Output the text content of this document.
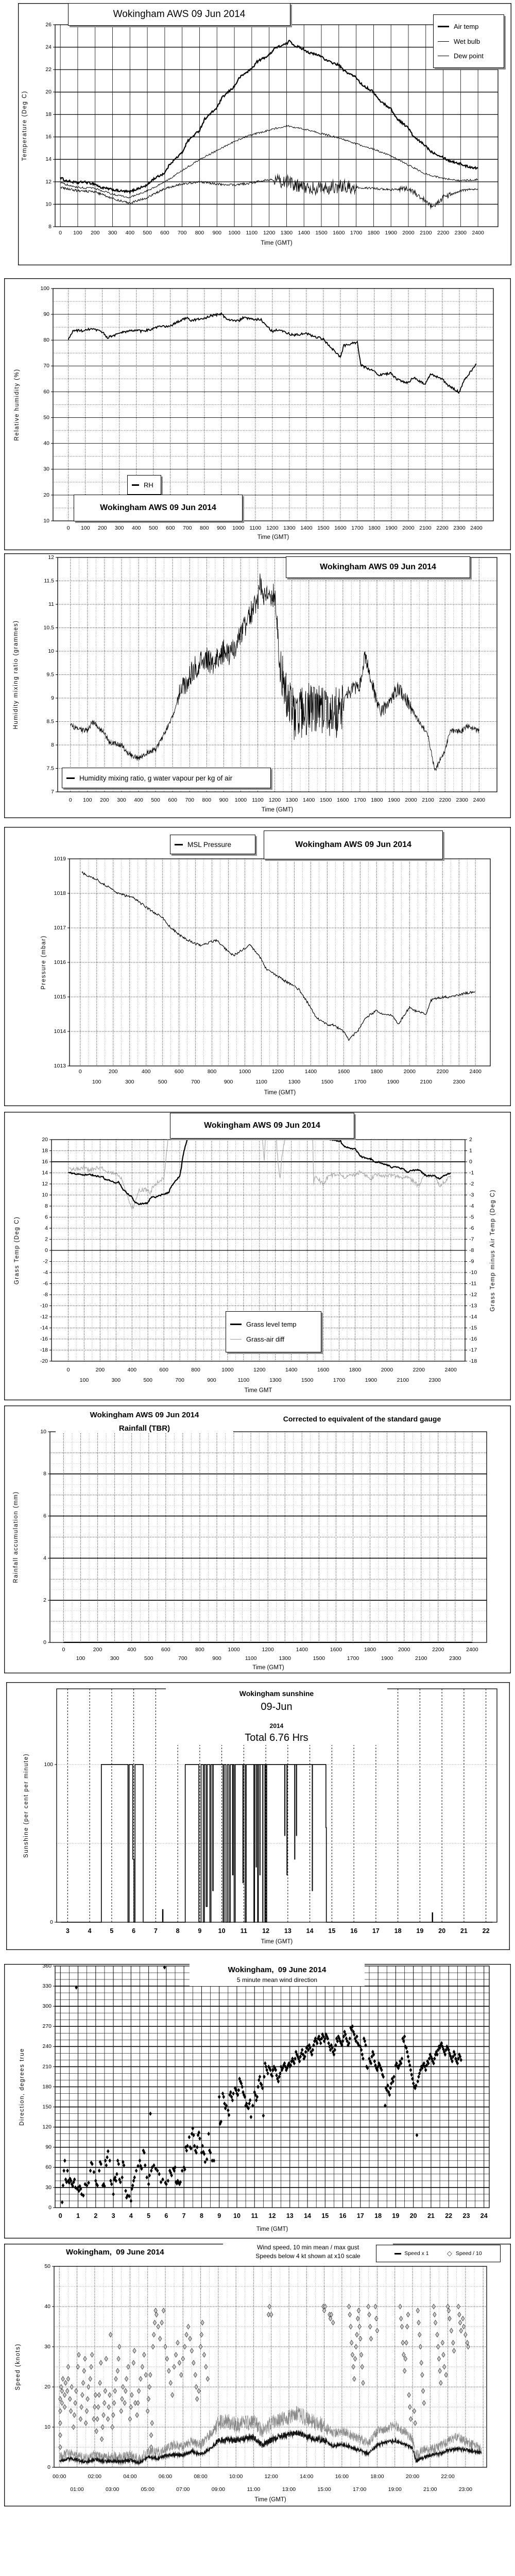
Wokingham AWS 09 Jun 2014
Air temp
Wet bulb
Dew point
RH
Wokingham AWS 09 Jun 2014
Wokingham AWS 09 Jun 2014
Humidity mixing ratio, g water vapour per kg of air
MSL Pressure	Wokingham AWS 09 Jun 2014
Wokingham AWS 09 Jun 2014
Grass level temp
Grass-air diff
Wokingham AWS 09 Jun 2014
Rainfall (TBR)
Corrected to equivalent of the standard gauge
Wokingham sunshine
09-Jun
2014
Total 6.76 Hrs
Wokingham,  09 June 2014
5 minute mean wind direction
Wokingham,  09 June 2014
Wind speed, 10 min mean / max gust
Speeds below 4 kt shown at x10 scale	Speed x 1	◇ Speed / 10
